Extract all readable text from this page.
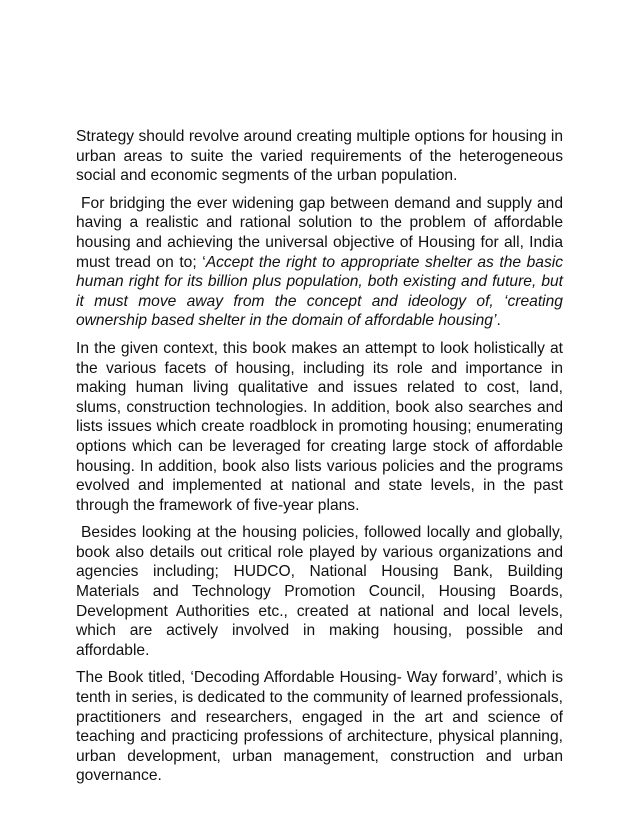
Strategy should revolve around creating multiple options for housing in urban areas to suite the varied requirements of the heterogeneous social and economic segments of the urban population.

For bridging the ever widening gap between demand and supply and having a realistic and rational solution to the problem of affordable housing and achieving the universal objective of Housing for all, India must tread on to; ‘Accept the right to appropriate shelter as the basic human right for its billion plus population, both existing and future, but it must move away from the concept and ideology of, ‘creating ownership based shelter in the domain of affordable housing’.

In the given context, this book makes an attempt to look holistically at the various facets of housing, including its role and importance in making human living qualitative and issues related to cost, land, slums, construction technologies. In addition, book also searches and lists issues which create roadblock in promoting housing; enumerating options which can be leveraged for creating large stock of affordable housing. In addition, book also lists various policies and the programs evolved and implemented at national and state levels, in the past through the framework of five-year plans.

Besides looking at the housing policies, followed locally and globally, book also details out critical role played by various organizations and agencies including; HUDCO, National Housing Bank, Building Materials and Technology Promotion Council, Housing Boards, Development Authorities etc., created at national and local levels, which are actively involved in making housing, possible and affordable.

The Book titled, ‘Decoding Affordable Housing- Way forward’, which is tenth in series, is dedicated to the community of learned professionals, practitioners and researchers, engaged in the art and science of teaching and practicing professions of architecture, physical planning, urban development, urban management, construction and urban governance.
